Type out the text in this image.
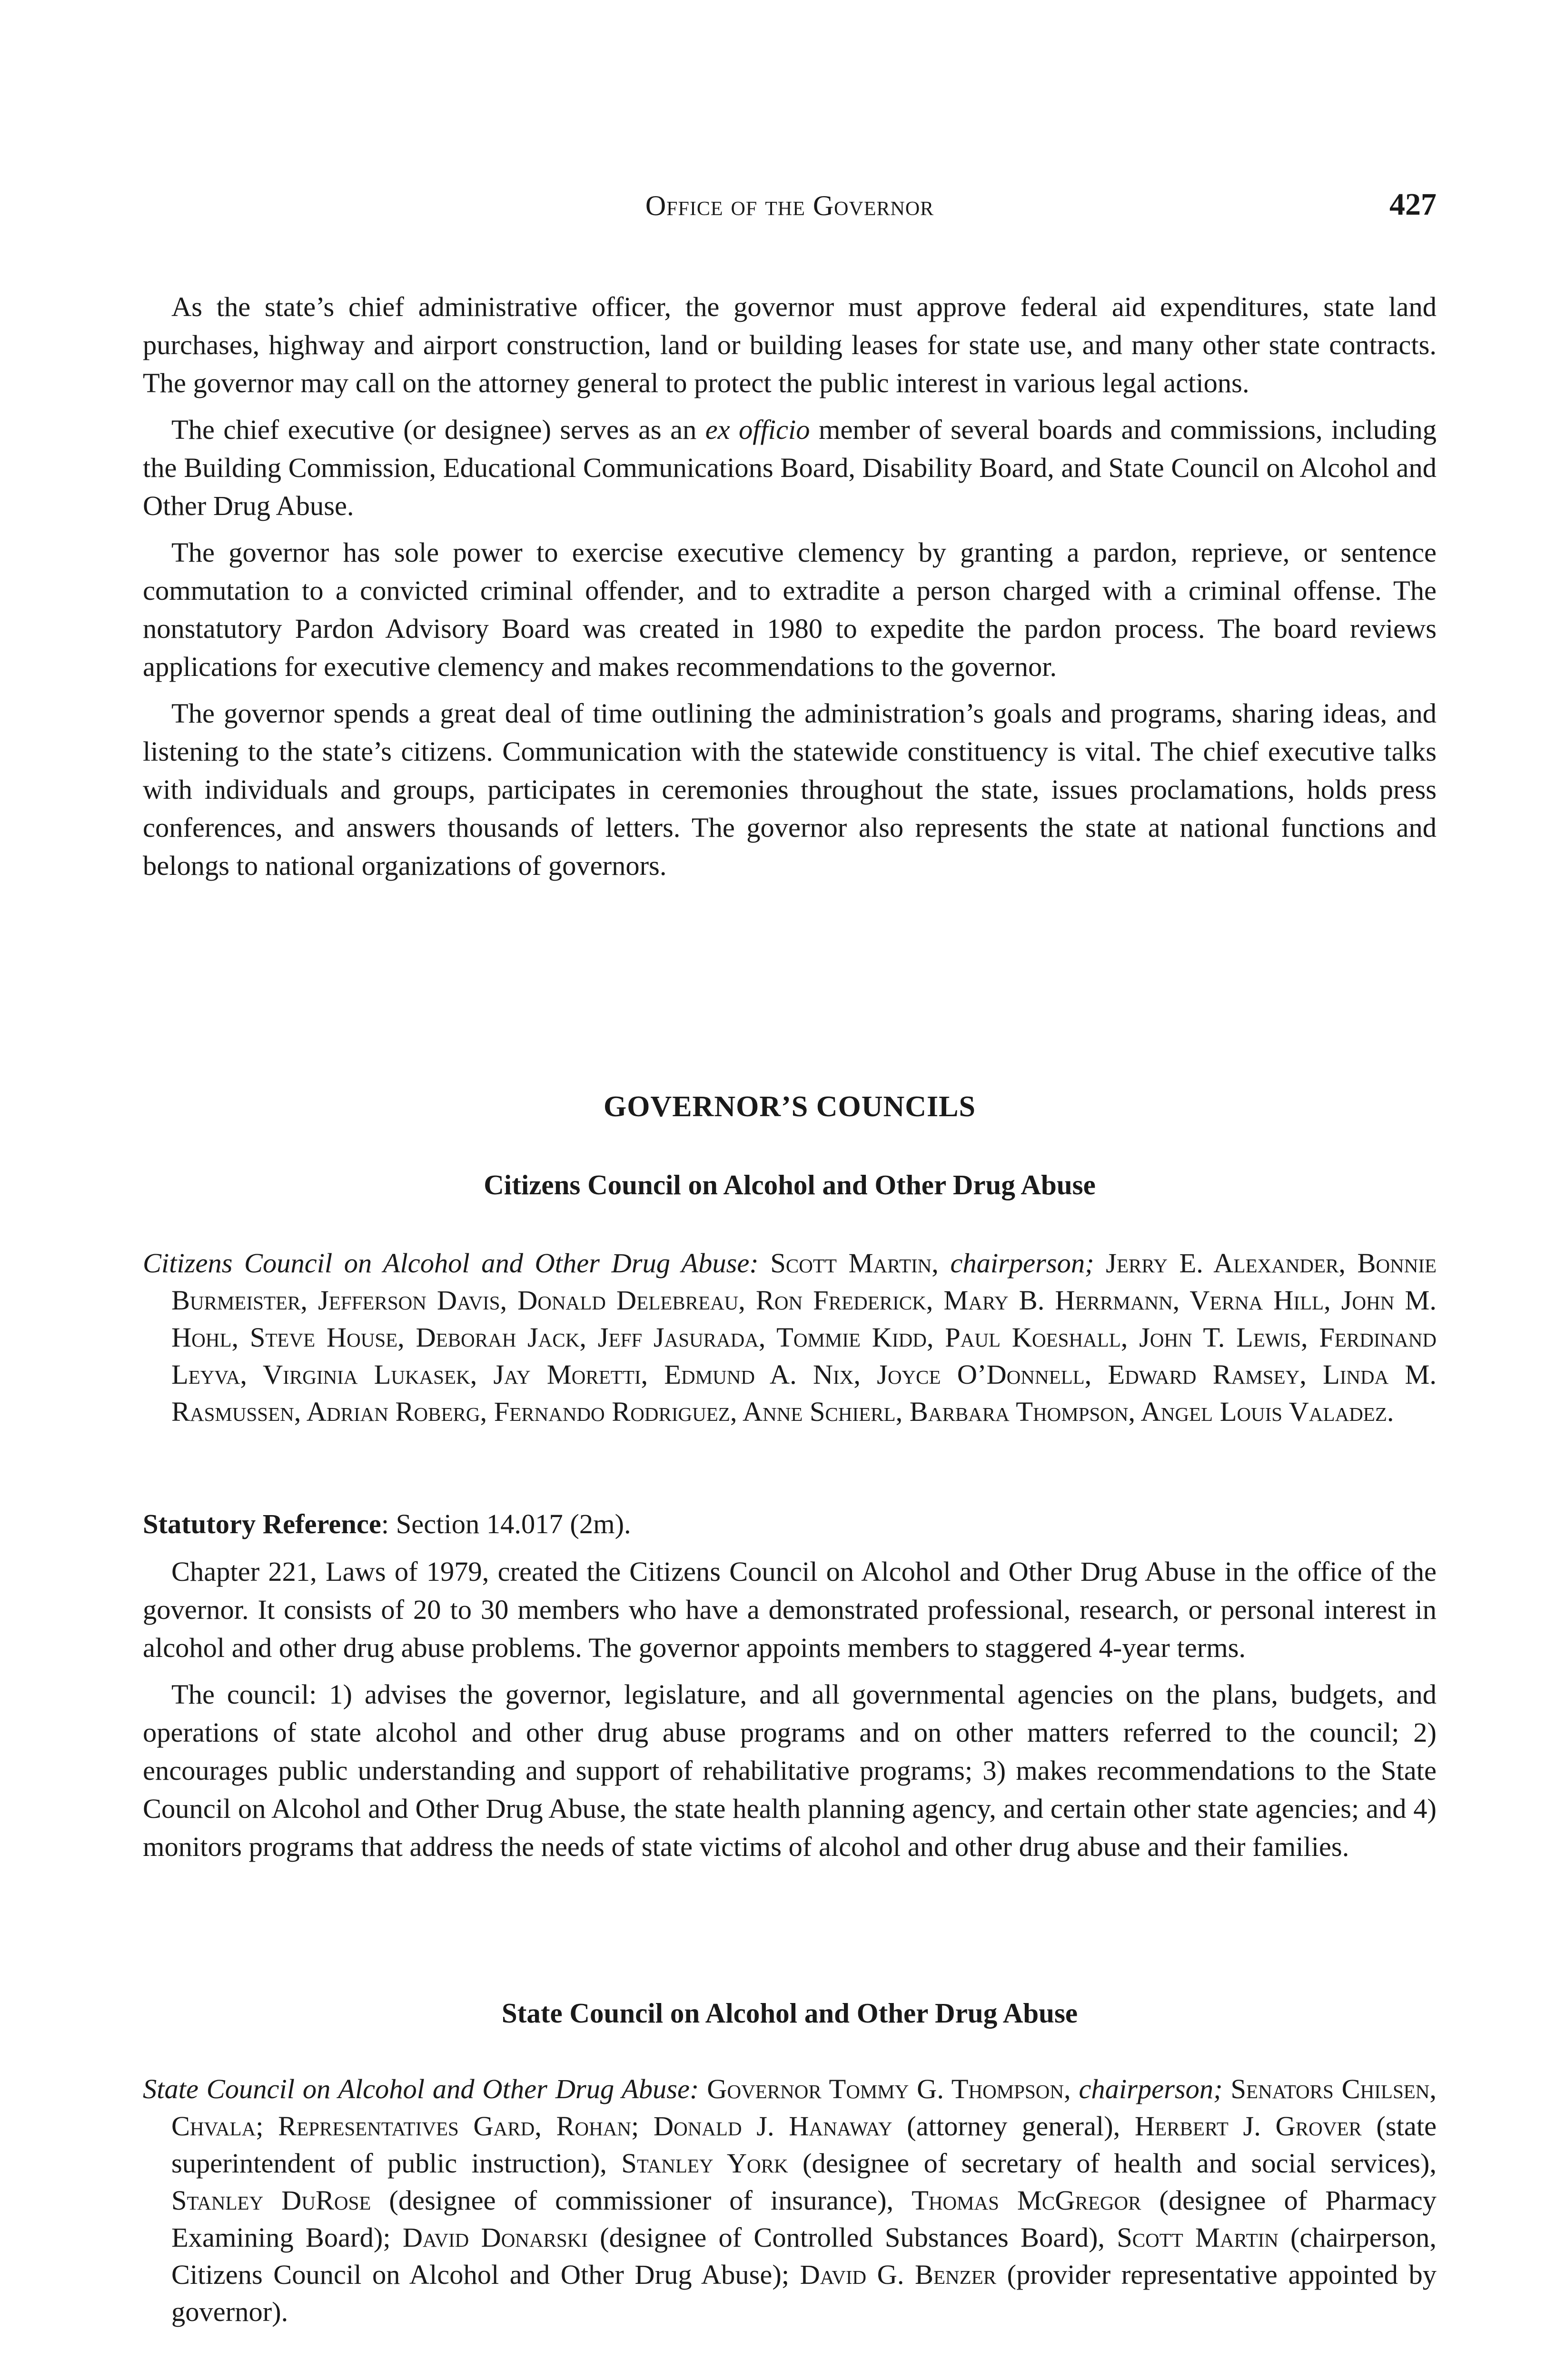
Office of the Governor	427

As the state’s chief administrative officer, the governor must approve federal aid expenditures, state land purchases, highway and airport construction, land or building leases for state use, and many other state contracts. The governor may call on the attorney general to protect the public interest in various legal actions.

The chief executive (or designee) serves as an ex officio member of several boards and commissions, including the Building Commission, Educational Communications Board, Disability Board, and State Council on Alcohol and Other Drug Abuse.

The governor has sole power to exercise executive clemency by granting a pardon, reprieve, or sentence commutation to a convicted criminal offender, and to extradite a person charged with a criminal offense. The nonstatutory Pardon Advisory Board was created in 1980 to expedite the pardon process. The board reviews applications for executive clemency and makes recommendations to the governor.

The governor spends a great deal of time outlining the administration’s goals and programs, sharing ideas, and listening to the state’s citizens. Communication with the statewide constituency is vital. The chief executive talks with individuals and groups, participates in ceremonies throughout the state, issues proclamations, holds press conferences, and answers thousands of letters. The governor also represents the state at national functions and belongs to national organizations of governors.

GOVERNOR’S COUNCILS
Citizens Council on Alcohol and Other Drug Abuse
Citizens Council on Alcohol and Other Drug Abuse: Scott Martin, chairperson; Jerry E. Alexander, Bonnie Burmeister, Jefferson Davis, Donald Delebreau, Ron Frederick, Mary B. Herrmann, Verna Hill, John M. Hohl, Steve House, Deborah Jack, Jeff Jasurada, Tommie Kidd, Paul Koeshall, John T. Lewis, Ferdinand Leyva, Virginia Lukasek, Jay Moretti, Edmund A. Nix, Joyce O’Donnell, Edward Ramsey, Linda M. Rasmussen, Adrian Roberg, Fernando Rodriguez, Anne Schierl, Barbara Thompson, Angel Louis Valadez.
Statutory Reference: Section 14.017 (2m).

Chapter 221, Laws of 1979, created the Citizens Council on Alcohol and Other Drug Abuse in the office of the governor. It consists of 20 to 30 members who have a demonstrated professional, research, or personal interest in alcohol and other drug abuse problems. The governor appoints members to staggered 4-year terms.

The council: 1) advises the governor, legislature, and all governmental agencies on the plans, budgets, and operations of state alcohol and other drug abuse programs and on other matters referred to the council; 2) encourages public understanding and support of rehabilitative programs; 3) makes recommendations to the State Council on Alcohol and Other Drug Abuse, the state health planning agency, and certain other state agencies; and 4) monitors programs that address the needs of state victims of alcohol and other drug abuse and their families.

State Council on Alcohol and Other Drug Abuse
State Council on Alcohol and Other Drug Abuse: Governor Tommy G. Thompson, chairperson; Senators Chilsen, Chvala; Representatives Gard, Rohan; Donald J. Hanaway (attorney general), Herbert J. Grover (state superintendent of public instruction), Stanley York (designee of secretary of health and social services), Stanley DuRose (designee of commissioner of insurance), Thomas McGregor (designee of Pharmacy Examining Board); David Donarski (designee of Controlled Substances Board), Scott Martin (chairperson, Citizens Council on Alcohol and Other Drug Abuse); David G. Benzer (provider representative appointed by governor).
